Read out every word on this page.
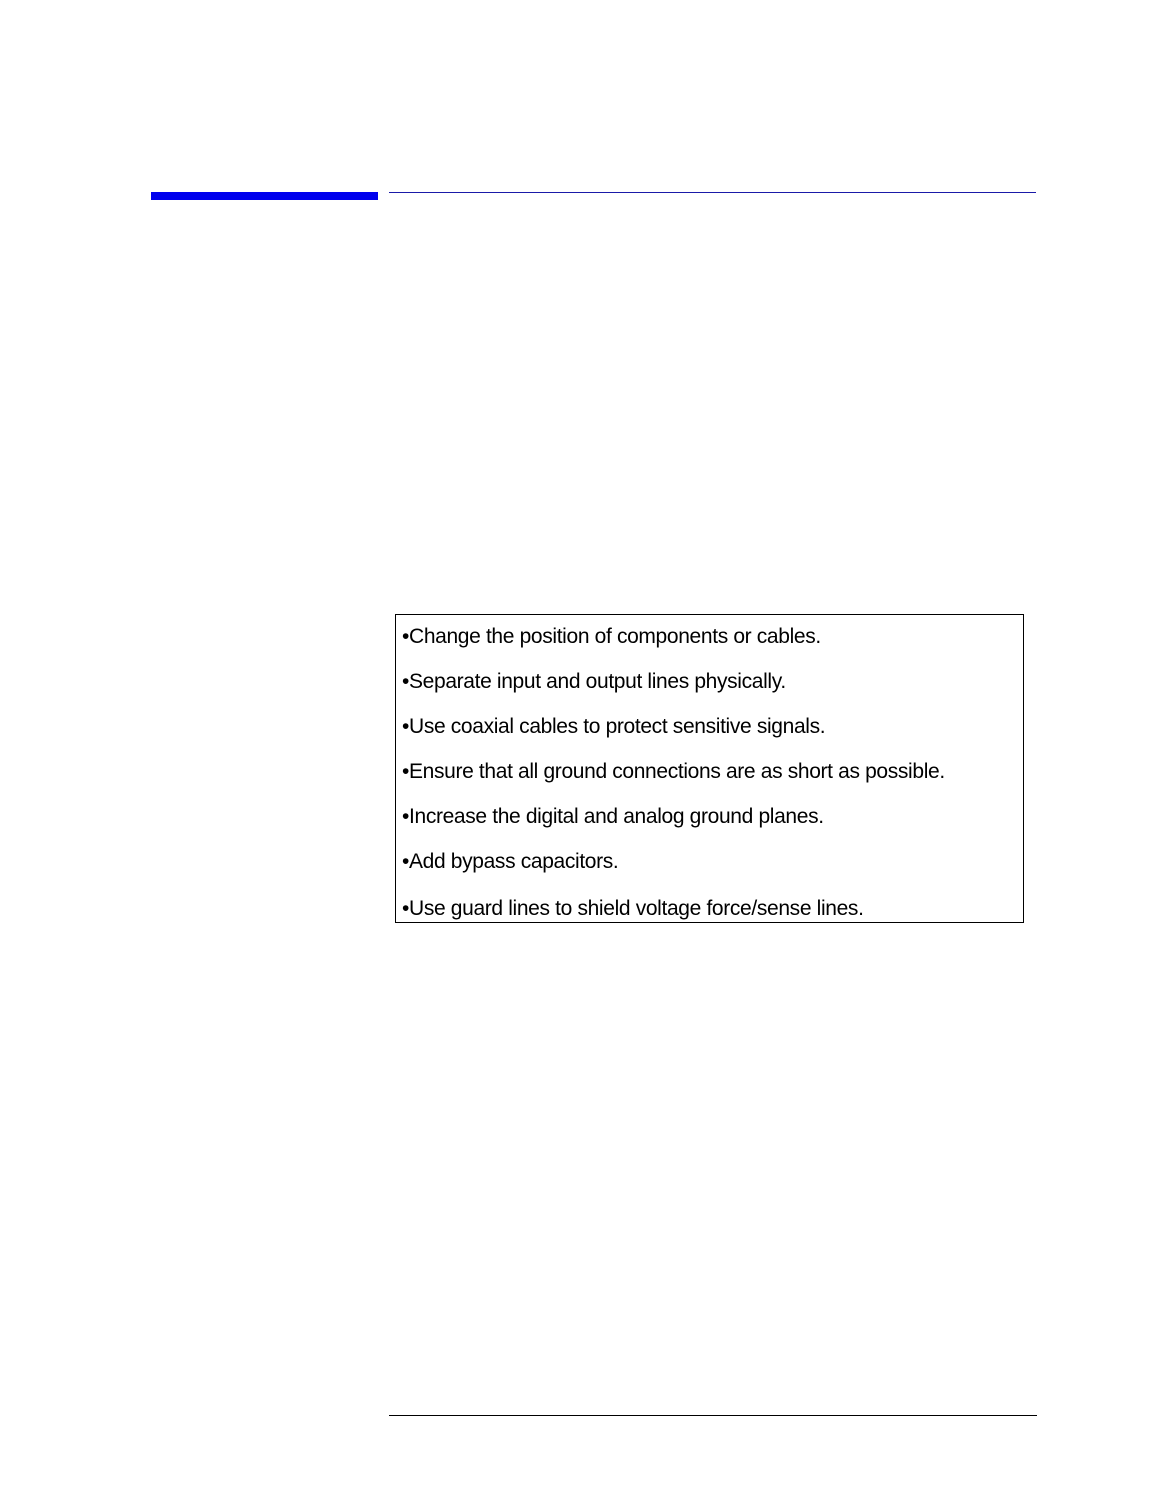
•Change the position of components or cables.
•Separate input and output lines physically.
•Use coaxial cables to protect sensitive signals.
•Ensure that all ground connections are as short as possible.
•Increase the digital and analog ground planes.
•Add bypass capacitors.
•Use guard lines to shield voltage force/sense lines.
